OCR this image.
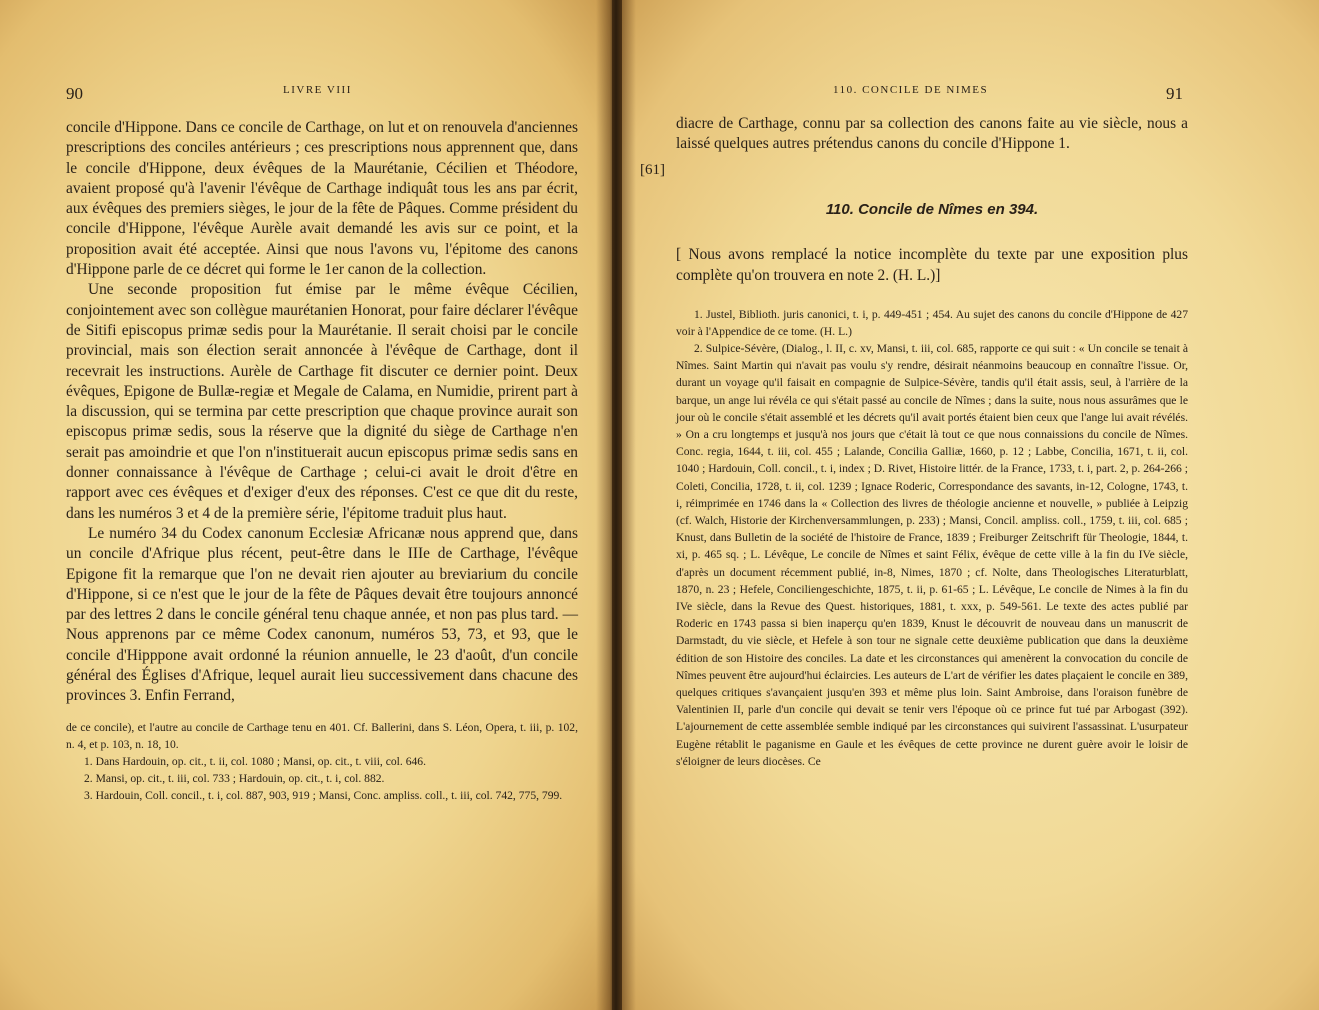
90	LIVRE VIII

concile d'Hippone. Dans ce concile de Carthage, on lut et on renouvela d'anciennes prescriptions des conciles antérieurs ; ces prescriptions nous apprennent que, dans le concile d'Hippone, deux évêques de la Maurétanie, Cécilien et Théodore, avaient proposé qu'à l'avenir l'évêque de Carthage indiquât tous les ans par écrit, aux évêques des premiers sièges, le jour de la fête de Pâques. Comme président du concile d'Hippone, l'évêque Aurèle avait demandé les avis sur ce point, et la proposition avait été acceptée. Ainsi que nous l'avons vu, l'épitome des canons d'Hippone parle de ce décret qui forme le 1er canon de la collection.

Une seconde proposition fut émise par le même évêque Cécilien, conjointement avec son collègue maurétanien Honorat, pour faire déclarer l'évêque de Sitifi episcopus primæ sedis pour la Maurétanie. Il serait choisi par le concile provincial, mais son élection serait annoncée à l'évêque de Carthage, dont il recevrait les instructions. Aurèle de Carthage fit discuter ce dernier point. Deux évêques, Epigone de Bullæ-regiæ et Megale de Calama, en Numidie, prirent part à la discussion, qui se termina par cette prescription que chaque province aurait son episcopus primæ sedis, sous la réserve que la dignité du siège de Carthage n'en serait pas amoindrie et que l'on n'instituerait aucun episcopus primæ sedis sans en donner connaissance à l'évêque de Carthage ; celui-ci avait le droit d'être en rapport avec ces évêques et d'exiger d'eux des réponses. C'est ce que dit du reste, dans les numéros 3 et 4 de la première série, l'épitome traduit plus haut.

Le numéro 34 du Codex canonum Ecclesiæ Africanæ nous apprend que, dans un concile d'Afrique plus récent, peut-être dans le IIIe de Carthage, l'évêque Epigone fit la remarque que l'on ne devait rien ajouter au breviarium du concile d'Hippone, si ce n'est que le jour de la fête de Pâques devait être toujours annoncé par des lettres 2 dans le concile général tenu chaque année, et non pas plus tard. — Nous apprenons par ce même Codex canonum, numéros 53, 73, et 93, que le concile d'Hipppone avait ordonné la réunion annuelle, le 23 d'août, d'un concile général des Églises d'Afrique, lequel aurait lieu successivement dans chacune des provinces 3. Enfin Ferrand,

de ce concile), et l'autre au concile de Carthage tenu en 401. Cf. Ballerini, dans S. Léon, Opera, t. iii, p. 102, n. 4, et p. 103, n. 18, 10.

1. Dans Hardouin, op. cit., t. ii, col. 1080 ; Mansi, op. cit., t. viii, col. 646.

2. Mansi, op. cit., t. iii, col. 733 ; Hardouin, op. cit., t. i, col. 882.

3. Hardouin, Coll. concil., t. i, col. 887, 903, 919 ; Mansi, Conc. ampliss. coll., t. iii, col. 742, 775, 799.

110. CONCILE DE NIMES	91
[61]

diacre de Carthage, connu par sa collection des canons faite au vie siècle, nous a laissé quelques autres prétendus canons du concile d'Hippone 1.

110. Concile de Nîmes en 394.

[ Nous avons remplacé la notice incomplète du texte par une exposition plus complète qu'on trouvera en note 2. (H. L.)]

1. Justel, Biblioth. juris canonici, t. i, p. 449-451 ; 454. Au sujet des canons du concile d'Hippone de 427 voir à l'Appendice de ce tome. (H. L.)

2. Sulpice-Sévère, (Dialog., l. II, c. xv, Mansi, t. iii, col. 685, rapporte ce qui suit : « Un concile se tenait à Nîmes. Saint Martin qui n'avait pas voulu s'y rendre, désirait néanmoins beaucoup en connaître l'issue. Or, durant un voyage qu'il faisait en compagnie de Sulpice-Sévère, tandis qu'il était assis, seul, à l'arrière de la barque, un ange lui révéla ce qui s'était passé au concile de Nîmes ; dans la suite, nous nous assurâmes que le jour où le concile s'était assemblé et les décrets qu'il avait portés étaient bien ceux que l'ange lui avait révélés. » On a cru longtemps et jusqu'à nos jours que c'était là tout ce que nous connaissions du concile de Nîmes. Conc. regia, 1644, t. iii, col. 455 ; Lalande, Concilia Galliæ, 1660, p. 12 ; Labbe, Concilia, 1671, t. ii, col. 1040 ; Hardouin, Coll. concil., t. i, index ; D. Rivet, Histoire littér. de la France, 1733, t. i, part. 2, p. 264-266 ; Coleti, Concilia, 1728, t. ii, col. 1239 ; Ignace Roderic, Correspondance des savants, in-12, Cologne, 1743, t. i, réimprimée en 1746 dans la « Collection des livres de théologie ancienne et nouvelle, » publiée à Leipzig (cf. Walch, Historie der Kirchenversammlungen, p. 233) ; Mansi, Concil. ampliss. coll., 1759, t. iii, col. 685 ; Knust, dans Bulletin de la société de l'histoire de France, 1839 ; Freiburger Zeitschrift für Theologie, 1844, t. xi, p. 465 sq. ; L. Lévêque, Le concile de Nîmes et saint Félix, évêque de cette ville à la fin du IVe siècle, d'après un document récemment publié, in-8, Nimes, 1870 ; cf. Nolte, dans Theologisches Literaturblatt, 1870, n. 23 ; Hefele, Conciliengeschichte, 1875, t. ii, p. 61-65 ; L. Lévêque, Le concile de Nimes à la fin du IVe siècle, dans la Revue des Quest. historiques, 1881, t. xxx, p. 549-561. Le texte des actes publié par Roderic en 1743 passa si bien inaperçu qu'en 1839, Knust le découvrit de nouveau dans un manuscrit de Darmstadt, du vie siècle, et Hefele à son tour ne signale cette deuxième publication que dans la deuxième édition de son Histoire des conciles. La date et les circonstances qui amenèrent la convocation du concile de Nîmes peuvent être aujourd'hui éclaircies. Les auteurs de L'art de vérifier les dates plaçaient le concile en 389, quelques critiques s'avançaient jusqu'en 393 et même plus loin. Saint Ambroise, dans l'oraison funèbre de Valentinien II, parle d'un concile qui devait se tenir vers l'époque où ce prince fut tué par Arbogast (392). L'ajournement de cette assemblée semble indiqué par les circonstances qui suivirent l'assassinat. L'usurpateur Eugène rétablit le paganisme en Gaule et les évêques de cette province ne durent guère avoir le loisir de s'éloigner de leurs diocèses. Ce
